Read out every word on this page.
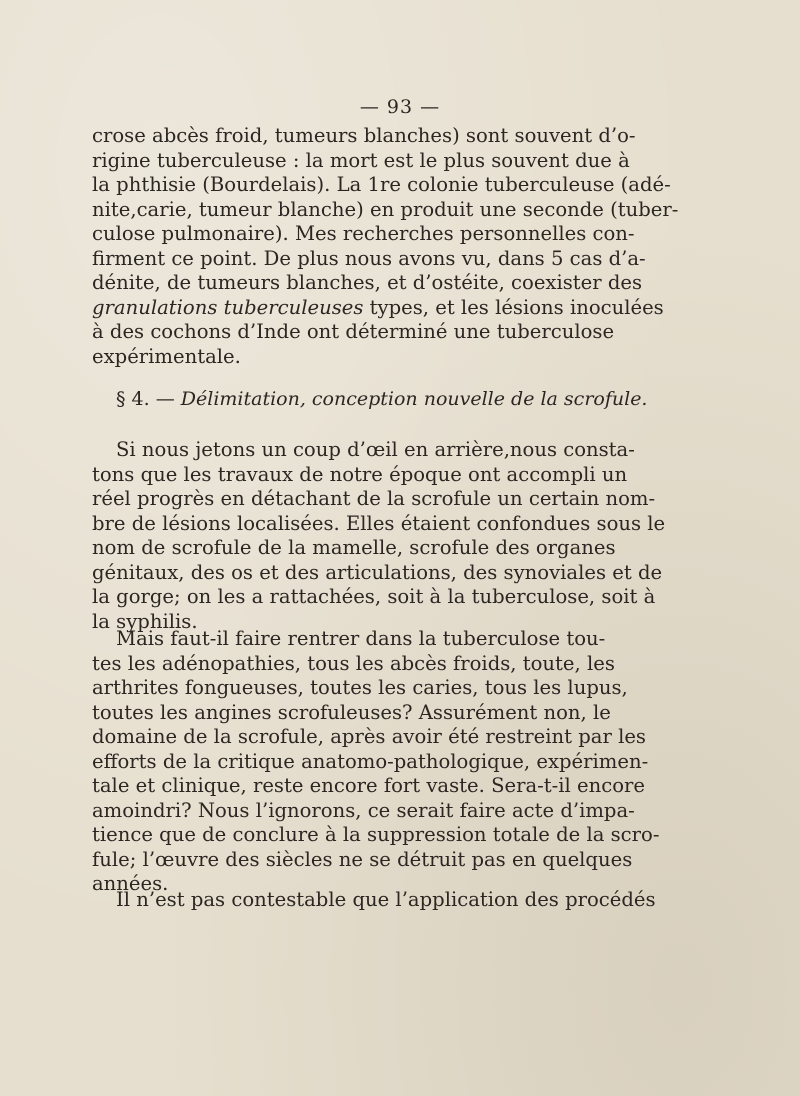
— 93 —
crose abcès froid, tumeurs blanches) sont souvent d’o-
rigine tuberculeuse : la mort est le plus souvent due à
la phthisie (Bourdelais). La 1re colonie tuberculeuse (adé-
nite,carie, tumeur blanche) en produit une seconde (tuber-
culose pulmonaire). Mes recherches personnelles con-
firment ce point. De plus nous avons vu, dans 5 cas d’a-
dénite, de tumeurs blanches, et d’ostéite, coexister des
granulations tuberculeuses types, et les lésions inoculées
à des cochons d’Inde ont déterminé une tuberculose
expérimentale.
§ 4. — Délimitation, conception nouvelle de la scrofule.
Si nous jetons un coup d’œil en arrière,nous consta-
tons que les travaux de notre époque ont accompli un
réel progrès en détachant de la scrofule un certain nom-
bre de lésions localisées. Elles étaient confondues sous le
nom de scrofule de la mamelle, scrofule des organes
génitaux, des os et des articulations, des synoviales et de
la gorge; on les a rattachées, soit à la tuberculose, soit à
la syphilis.
Mais faut-il faire rentrer dans la tuberculose tou-
tes les adénopathies, tous les abcès froids, toute, les
arthrites fongueuses, toutes les caries, tous les lupus,
toutes les angines scrofuleuses? Assurément non, le
domaine de la scrofule, après avoir été restreint par les
efforts de la critique anatomo-pathologique, expérimen-
tale et clinique, reste encore fort vaste. Sera-t-il encore
amoindri? Nous l’ignorons, ce serait faire acte d’impa-
tience que de conclure à la suppression totale de la scro-
fule; l’œuvre des siècles ne se détruit pas en quelques
années.
Il n’est pas contestable que l’application des procédés
